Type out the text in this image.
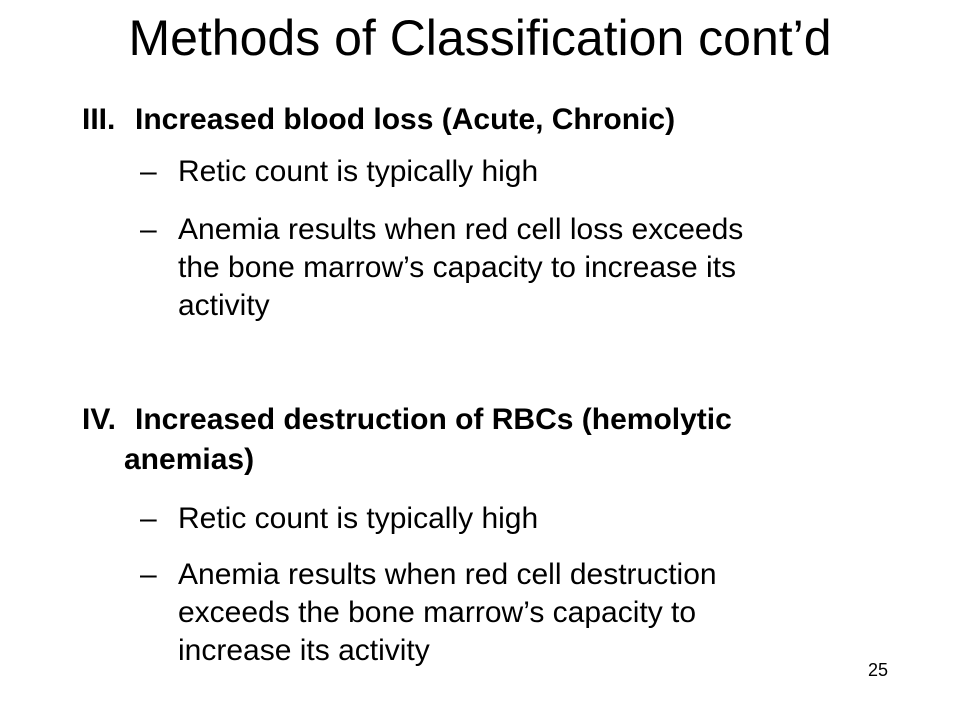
Methods of Classification cont’d
III. Increased blood loss (Acute, Chronic)
– Retic count is typically high
– Anemia results when red cell loss exceeds
the bone marrow’s capacity to increase its
activity
IV. Increased destruction of RBCs (hemolytic
anemias)
– Retic count is typically high
– Anemia results when red cell destruction
exceeds the bone marrow’s capacity to
increase its activity
25
